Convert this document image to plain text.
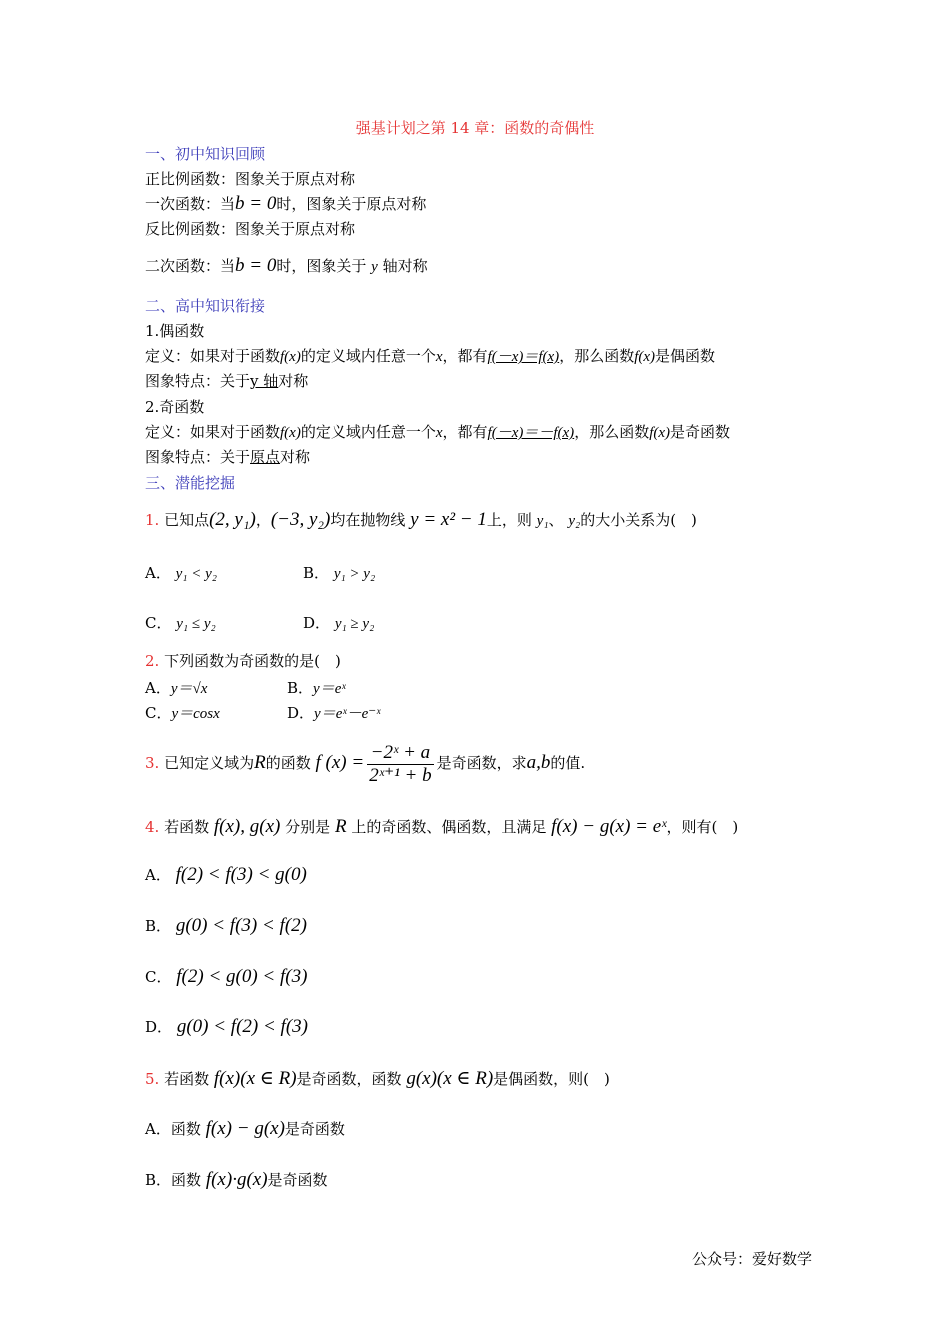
强基计划之第 14 章：函数的奇偶性
一、初中知识回顾
正比例函数：图象关于原点对称
一次函数：当b = 0时，图象关于原点对称
反比例函数：图象关于原点对称
二次函数：当b = 0时，图象关于 y 轴对称
二、高中知识衔接
1.偶函数
定义：如果对于函数f(x)的定义域内任意一个x，都有f(－x)＝f(x)，那么函数f(x)是偶函数
图象特点：关于y 轴对称
2.奇函数
定义：如果对于函数f(x)的定义域内任意一个x，都有f(－x)＝－f(x)，那么函数f(x)是奇函数
图象特点：关于原点对称
三、潜能挖掘
1. 已知点(2, y₁)，(−3, y₂)均在抛物线 y = x² − 1上，则 y₁、 y₂的大小关系为(　)
A． y₁ < y₂	B． y₁ > y₂
C． y₁ ≤ y₂	D． y₁ ≥ y₂
2. 下列函数为奇函数的是(　)
A．y＝√x	B．y＝eˣ
C．y＝cosx	D．y＝eˣ－e⁻ˣ
3. 已知定义域为R的函数 f $(x) = \frac{\text{−2ˣ + a}}{\text{2ˣ⁺¹ + b}}$ 是奇函数，求a,b的值.
4. 若函数 f(x), g(x) 分别是 R 上的奇函数、偶函数，且满足 f(x) − g(x) = eˣ，则有(　)
A． f(2) < f(3) < g(0)
B． g(0) < f(3) < f(2)
C． f(2) < g(0) < f(3)
D． g(0) < f(2) < f(3)
5. 若函数 f(x)(x ∈ R)是奇函数，函数 g(x)(x ∈ R)是偶函数，则(　)
A．函数 f(x) − g(x)是奇函数
B．函数 f(x)·g(x)是奇函数
公众号：爱好数学
